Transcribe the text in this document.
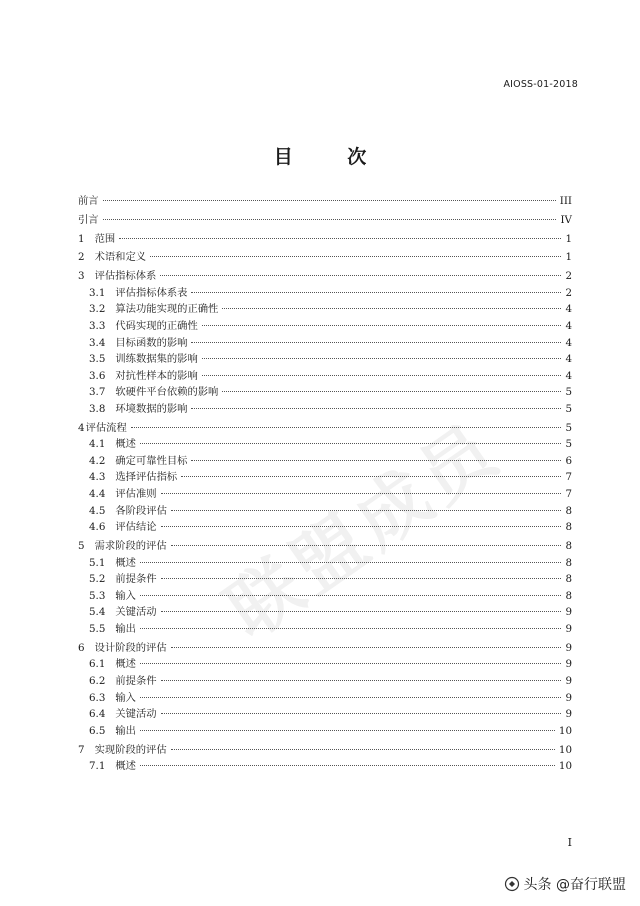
AIOSS-01-2018
目 次
联盟成员
前言	III
引言	IV
1 范围	1
2 术语和定义	1
3 评估指标体系	2
3.1 评估指标体系表	2
3.2 算法功能实现的正确性	4
3.3 代码实现的正确性	4
3.4 目标函数的影响	4
3.5 训练数据集的影响	4
3.6 对抗性样本的影响	4
3.7 软硬件平台依赖的影响	5
3.8 环境数据的影响	5
4评估流程	5
4.1 概述	5
4.2 确定可靠性目标	6
4.3 选择评估指标	7
4.4 评估准则	7
4.5 各阶段评估	8
4.6 评估结论	8
5 需求阶段的评估	8
5.1 概述	8
5.2 前提条件	8
5.3 输入	8
5.4 关键活动	9
5.5 输出	9
6 设计阶段的评估	9
6.1 概述	9
6.2 前提条件	9
6.3 输入	9
6.4 关键活动	9
6.5 输出	10
7 实现阶段的评估	10
7.1 概述	10
I
头条 @奋行联盟
